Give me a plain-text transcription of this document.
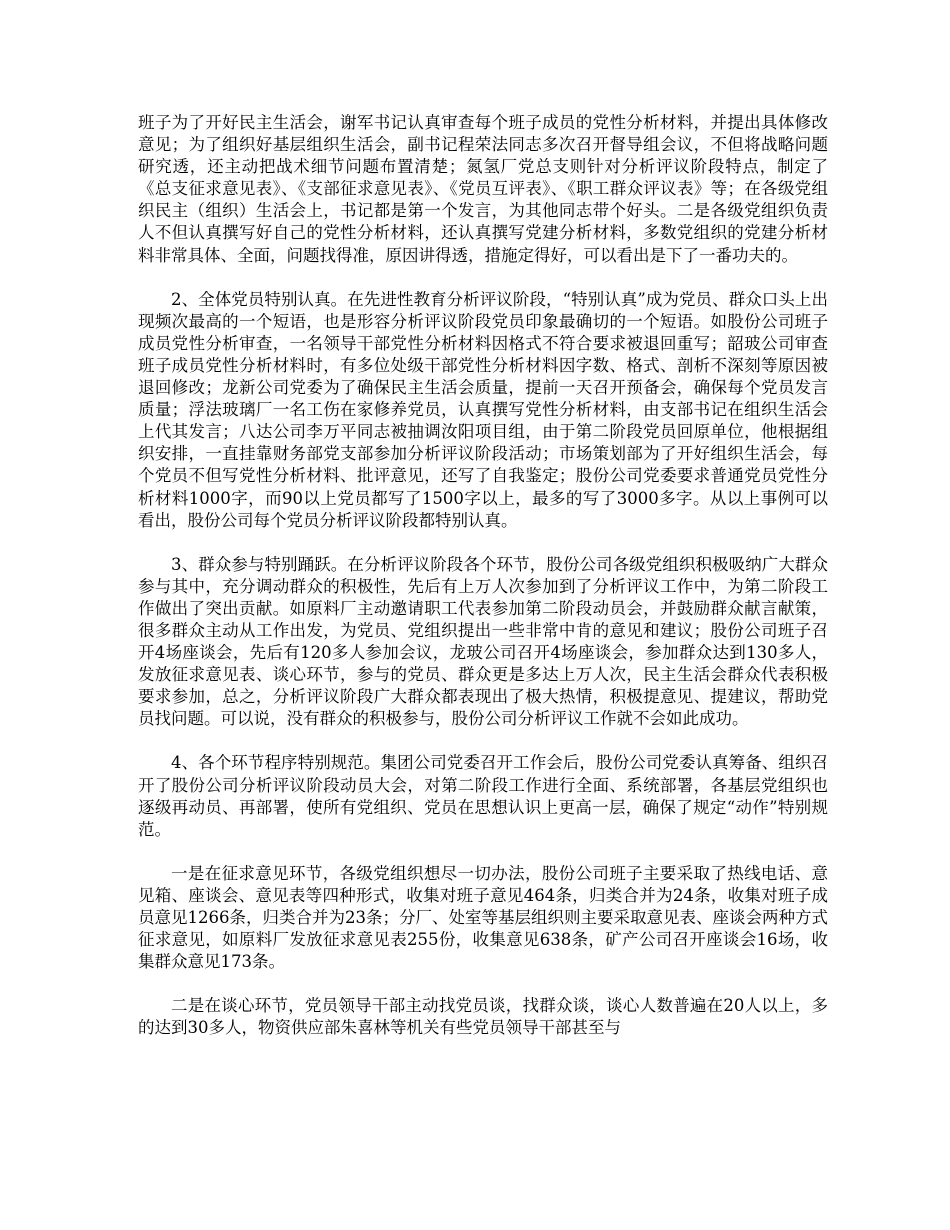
班子为了开好民主生活会，谢军书记认真审查每个班子成员的党性分析材料，并提出具体修改意见；为了组织好基层组织生活会，副书记程荣法同志多次召开督导组会议，不但将战略问题研究透，还主动把战术细节问题布置清楚；氮氢厂党总支则针对分析评议阶段特点，制定了《总支征求意见表》、《支部征求意见表》、《党员互评表》、《职工群众评议表》等；在各级党组织民主（组织）生活会上，书记都是第一个发言，为其他同志带个好头。二是各级党组织负责人不但认真撰写好自己的党性分析材料，还认真撰写党建分析材料，多数党组织的党建分析材料非常具体、全面，问题找得准，原因讲得透，措施定得好，可以看出是下了一番功夫的。

2、全体党员特别认真。在先进性教育分析评议阶段，“特别认真”成为党员、群众口头上出现频次最高的一个短语，也是形容分析评议阶段党员印象最确切的一个短语。如股份公司班子成员党性分析审查，一名领导干部党性分析材料因格式不符合要求被退回重写；韶玻公司审查班子成员党性分析材料时，有多位处级干部党性分析材料因字数、格式、剖析不深刻等原因被退回修改；龙新公司党委为了确保民主生活会质量，提前一天召开预备会，确保每个党员发言质量；浮法玻璃厂一名工伤在家修养党员，认真撰写党性分析材料，由支部书记在组织生活会上代其发言；八达公司李万平同志被抽调汝阳项目组，由于第二阶段党员回原单位，他根据组织安排，一直挂靠财务部党支部参加分析评议阶段活动；市场策划部为了开好组织生活会，每个党员不但写党性分析材料、批评意见，还写了自我鉴定；股份公司党委要求普通党员党性分析材料1000字，而90以上党员都写了1500字以上，最多的写了3000多字。从以上事例可以看出，股份公司每个党员分析评议阶段都特别认真。

3、群众参与特别踊跃。在分析评议阶段各个环节，股份公司各级党组织积极吸纳广大群众参与其中，充分调动群众的积极性，先后有上万人次参加到了分析评议工作中，为第二阶段工作做出了突出贡献。如原料厂主动邀请职工代表参加第二阶段动员会，并鼓励群众献言献策，很多群众主动从工作出发，为党员、党组织提出一些非常中肯的意见和建议；股份公司班子召开4场座谈会，先后有120多人参加会议，龙玻公司召开4场座谈会，参加群众达到130多人，发放征求意见表、谈心环节，参与的党员、群众更是多达上万人次，民主生活会群众代表积极要求参加，总之，分析评议阶段广大群众都表现出了极大热情，积极提意见、提建议，帮助党员找问题。可以说，没有群众的积极参与，股份公司分析评议工作就不会如此成功。

4、各个环节程序特别规范。集团公司党委召开工作会后，股份公司党委认真筹备、组织召开了股份公司分析评议阶段动员大会，对第二阶段工作进行全面、系统部署，各基层党组织也逐级再动员、再部署，使所有党组织、党员在思想认识上更高一层，确保了规定“动作”特别规范。

一是在征求意见环节，各级党组织想尽一切办法，股份公司班子主要采取了热线电话、意见箱、座谈会、意见表等四种形式，收集对班子意见464条，归类合并为24条，收集对班子成员意见1266条，归类合并为23条；分厂、处室等基层组织则主要采取意见表、座谈会两种方式征求意见，如原料厂发放征求意见表255份，收集意见638条，矿产公司召开座谈会16场，收集群众意见173条。

二是在谈心环节，党员领导干部主动找党员谈，找群众谈，谈心人数普遍在20人以上，多的达到30多人，物资供应部朱喜林等机关有些党员领导干部甚至与
